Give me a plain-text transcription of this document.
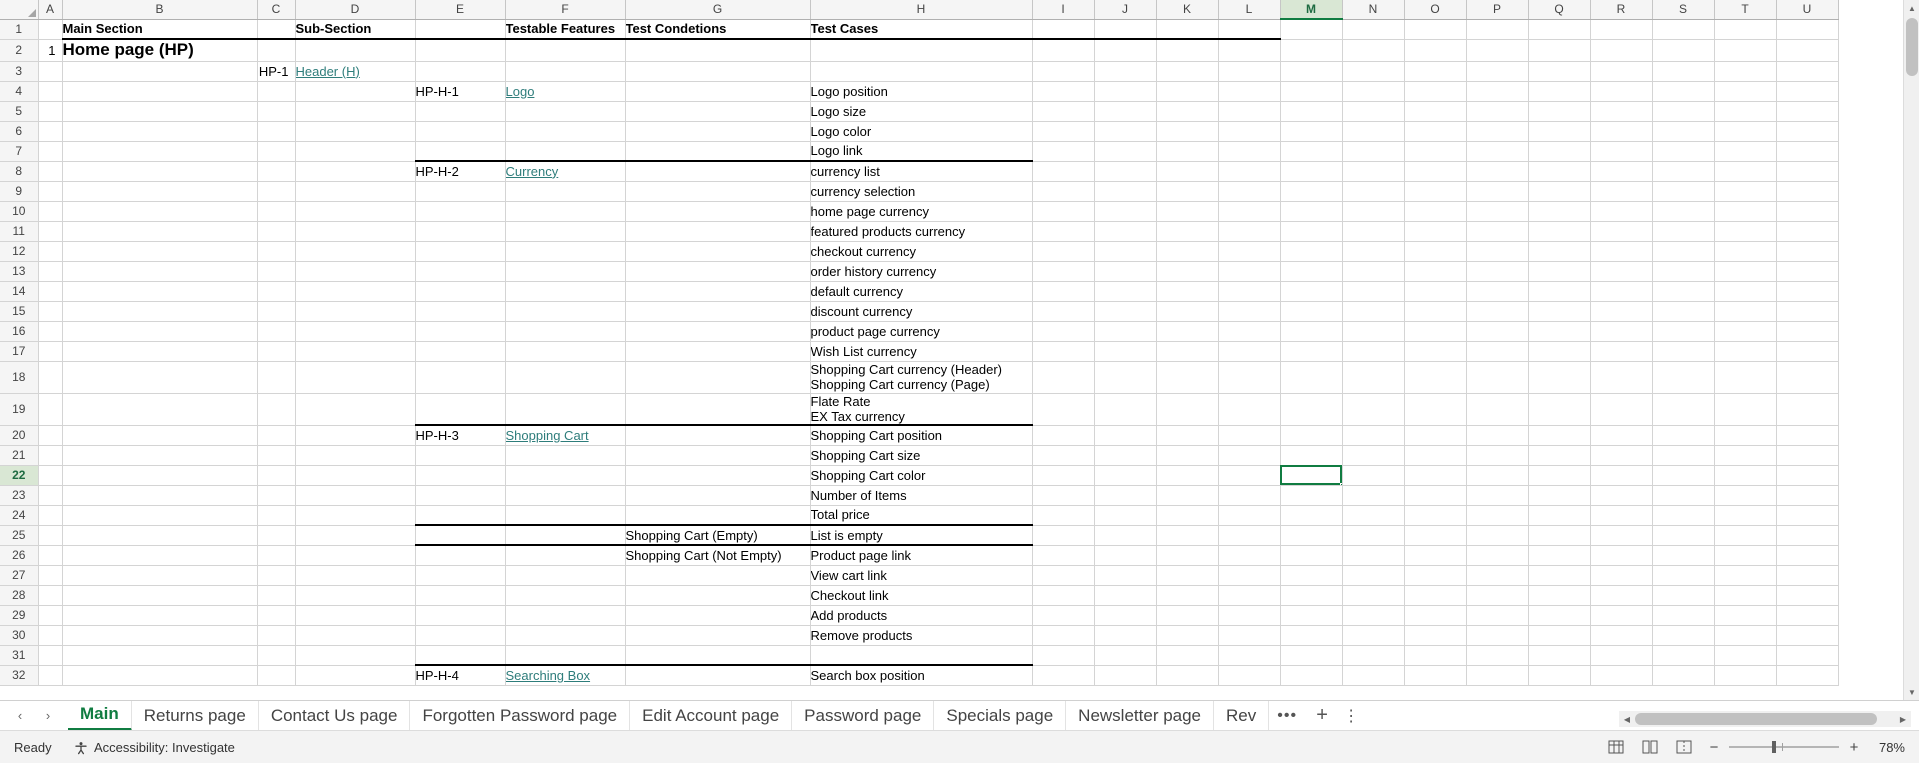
	A	B	C	D	E	F	G	H	I	J	K	L	M	N	O	P	Q	R	S	T	U
1		Main Section		Sub-Section		Testable Features	Test Condetions	Test Cases													
2	1	Home page (HP)																			
3			HP-1	Header (H)																	
4					HP-H-1	Logo		Logo position													
5								Logo size													
6								Logo color													
7								Logo link													
8					HP-H-2	Currency		currency list													
9								currency selection													
10								home page currency													
11								featured products currency													
12								checkout currency													
13								order history currency													
14								default currency													
15								discount currency													
16								product page currency													
17								Wish List currency													
18								Shopping Cart currency (Header)
Shopping Cart currency (Page)													

19								Flate Rate
EX Tax currency													

20					HP-H-3	Shopping Cart		Shopping Cart position													
21								Shopping Cart size													
22								Shopping Cart color					

23								Number of Items													
24								Total price													
25							Shopping Cart (Empty)	List is empty													
26							Shopping Cart (Not Empty)	Product page link													
27								View cart link													
28								Checkout link													
29								Add products													
30								Remove products													
31																					
32					HP-H-4	Searching Box		Search box position													
▲
▼
‹	›	Main	Returns page	Contact Us page	Forgotten Password page	Edit Account page	Password page	Specials page	Newsletter page	Rev	••• + ⋮	◀	▶
Ready	Accessibility: Investigate	−	+	78%
